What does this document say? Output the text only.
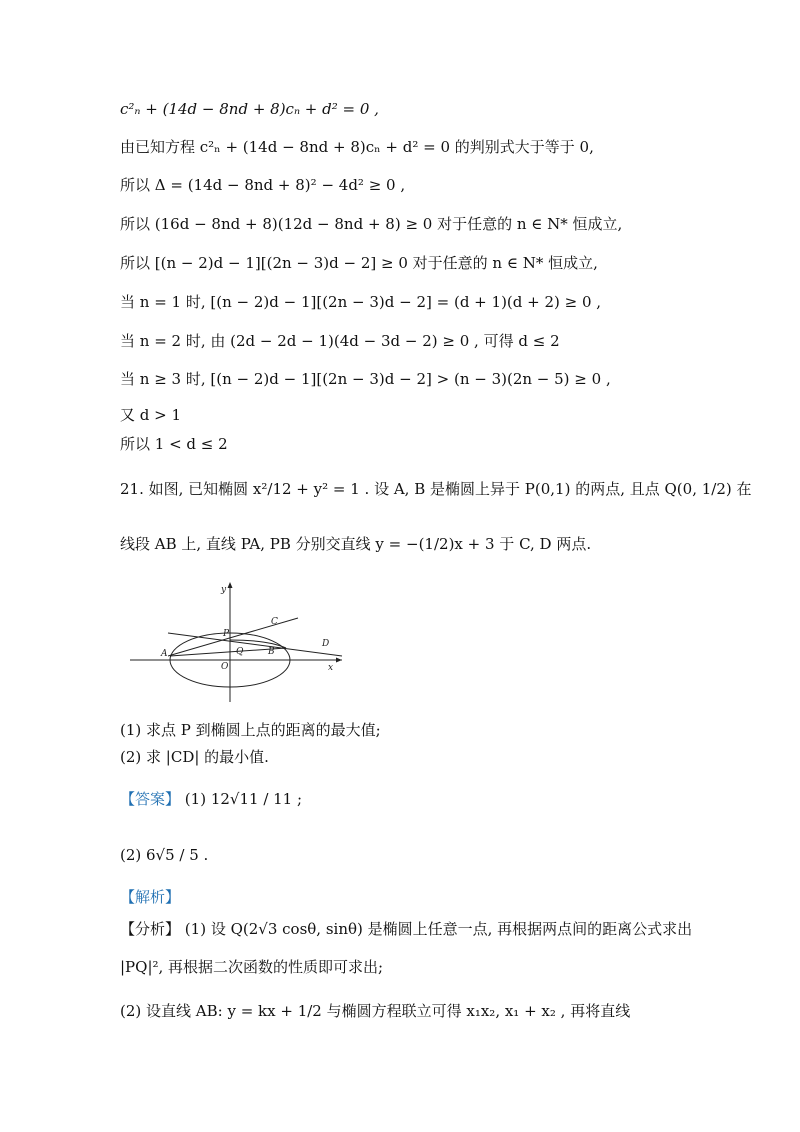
c²ₙ + (14d − 8nd + 8)cₙ + d² = 0 ,
由已知方程 c²ₙ + (14d − 8nd + 8)cₙ + d² = 0 的判别式大于等于 0,
所以 Δ = (14d − 8nd + 8)² − 4d² ≥ 0 ,
所以 (16d − 8nd + 8)(12d − 8nd + 8) ≥ 0 对于任意的 n ∈ N* 恒成立,
所以 [(n − 2)d − 1][(2n − 3)d − 2] ≥ 0 对于任意的 n ∈ N* 恒成立,
当 n = 1 时, [(n − 2)d − 1][(2n − 3)d − 2] = (d + 1)(d + 2) ≥ 0 ,
当 n = 2 时, 由 (2d − 2d − 1)(4d − 3d − 2) ≥ 0 , 可得 d ≤ 2
当 n ≥ 3 时, [(n − 2)d − 1][(2n − 3)d − 2] > (n − 3)(2n − 5) ≥ 0 ,
又 d > 1
所以 1 < d ≤ 2
21. 如图, 已知椭圆 x²/12 + y² = 1 . 设 A, B 是椭圆上异于 P(0,1) 的两点, 且点 Q(0, 1/2) 在
线段 AB 上, 直线 PA, PB 分别交直线 y = −(1/2)x + 3 于 C, D 两点.
y
x
P
C
D
A	Q	B
O
(1) 求点 P 到椭圆上点的距离的最大值;
(2) 求 |CD| 的最小值.
【答案】 (1) 12√11 / 11 ;
(2) 6√5 / 5 .
【解析】
【分析】 (1) 设 Q(2√3 cosθ, sinθ) 是椭圆上任意一点, 再根据两点间的距离公式求出
|PQ|², 再根据二次函数的性质即可求出;
(2) 设直线 AB: y = kx + 1/2 与椭圆方程联立可得 x₁x₂, x₁ + x₂ , 再将直线
